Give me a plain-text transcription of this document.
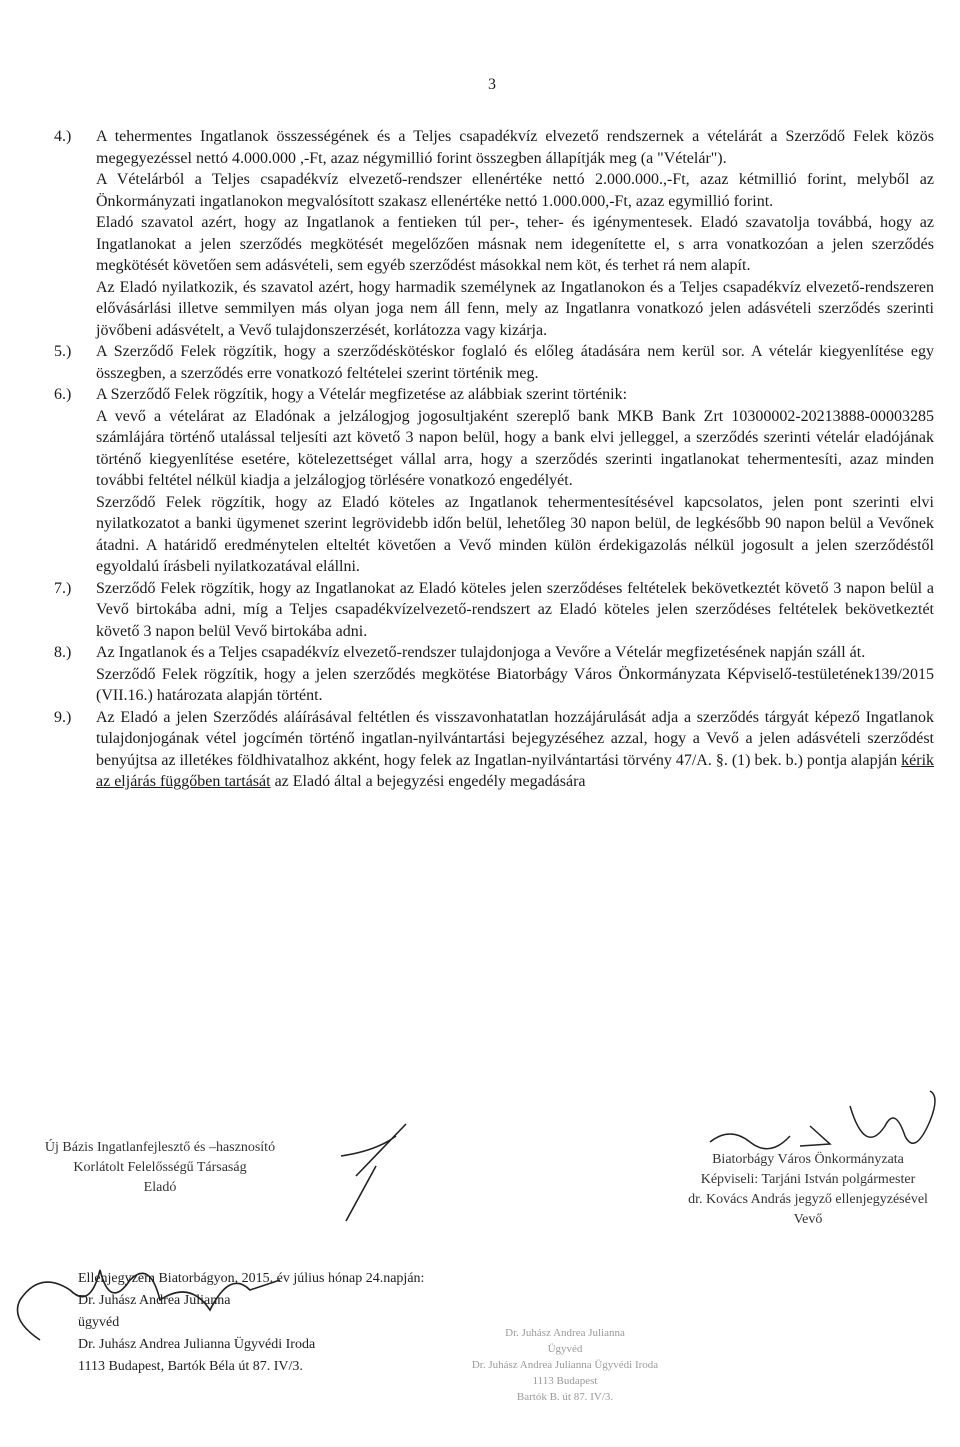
3
4.)	A tehermentes Ingatlanok összességének és a Teljes csapadékvíz elvezető rendszernek a vételárát a Szerződő Felek közös megegyezéssel nettó 4.000.000 ,-Ft, azaz négymillió forint összegben állapítják meg (a "Vételár").

A Vételárból a Teljes csapadékvíz elvezető-rendszer ellenértéke nettó 2.000.000.,-Ft, azaz kétmillió forint, melyből az Önkormányzati ingatlanokon megvalósított szakasz ellenértéke nettó 1.000.000,-Ft, azaz egymillió forint.

Eladó szavatol azért, hogy az Ingatlanok a fentieken túl per-, teher- és igénymentesek. Eladó szavatolja továbbá, hogy az Ingatlanokat a jelen szerződés megkötését megelőzően másnak nem idegenítette el, s arra vonatkozóan a jelen szerződés megkötését követően sem adásvételi, sem egyéb szerződést másokkal nem köt, és terhet rá nem alapít.

Az Eladó nyilatkozik, és szavatol azért, hogy harmadik személynek az Ingatlanokon és a Teljes csapadékvíz elvezető-rendszeren elővásárlási illetve semmilyen más olyan joga nem áll fenn, mely az Ingatlanra vonatkozó jelen adásvételi szerződés szerinti jövőbeni adásvételt, a Vevő tulajdonszerzését, korlátozza vagy kizárja.

5.)	A Szerződő Felek rögzítik, hogy a szerződéskötéskor foglaló és előleg átadására nem kerül sor. A vételár kiegyenlítése egy összegben, a szerződés erre vonatkozó feltételei szerint történik meg.

6.)	A Szerződő Felek rögzítik, hogy a Vételár megfizetése az alábbiak szerint történik:

A vevő a vételárat az Eladónak a jelzálogjog jogosultjaként szereplő bank MKB Bank Zrt 10300002-20213888-00003285 számlájára történő utalással teljesíti azt követő 3 napon belül, hogy a bank elvi jelleggel, a szerződés szerinti vételár eladójának történő kiegyenlítése esetére, kötelezettséget vállal arra, hogy a szerződés szerinti ingatlanokat tehermentesíti, azaz minden további feltétel nélkül kiadja a jelzálogjog törlésére vonatkozó engedélyét.

Szerződő Felek rögzítik, hogy az Eladó köteles az Ingatlanok tehermentesítésével kapcsolatos, jelen pont szerinti elvi nyilatkozatot a banki ügymenet szerint legrövidebb időn belül, lehetőleg 30 napon belül, de legkésőbb 90 napon belül a Vevőnek átadni. A határidő eredménytelen elteltét követően a Vevő minden külön érdekigazolás nélkül jogosult a jelen szerződéstől egyoldalú írásbeli nyilatkozatával elállni.

7.)	Szerződő Felek rögzítik, hogy az Ingatlanokat az Eladó köteles jelen szerződéses feltételek bekövetkeztét követő 3 napon belül a Vevő birtokába adni, míg a Teljes csapadékvízelvezető-rendszert az Eladó köteles jelen szerződéses feltételek bekövetkeztét követő 3 napon belül Vevő birtokába adni.

8.)	Az Ingatlanok és a Teljes csapadékvíz elvezető-rendszer tulajdonjoga a Vevőre a Vételár megfizetésének napján száll át.

Szerződő Felek rögzítik, hogy a jelen szerződés megkötése Biatorbágy Város Önkormányzata Képviselő-testületének139/2015 (VII.16.) határozata alapján történt.

9.)	Az Eladó a jelen Szerződés aláírásával feltétlen és visszavonhatatlan hozzájárulását adja a szerződés tárgyát képező Ingatlanok tulajdonjogának vétel jogcímén történő ingatlan-nyilvántartási bejegyzéséhez azzal, hogy a Vevő a jelen adásvételi szerződést benyújtsa az illetékes földhivatalhoz akként, hogy felek az Ingatlan-nyilvántartási törvény 47/A. §. (1) bek. b.) pontja alapján kérik az eljárás függőben tartását az Eladó által a bejegyzési engedély megadására

Új Bázis Ingatlanfejlesztő és –hasznosító
Korlátolt Felelősségű Társaság
Eladó
Biatorbágy Város Önkormányzata
Képviseli: Tarjáni István polgármester
dr. Kovács András jegyző ellenjegyzésével
Vevő
Ellenjegyzem Biatorbágyon, 2015. év július hónap 24.napján:
Dr. Juhász Andrea Julianna
ügyvéd
Dr. Juhász Andrea Julianna Ügyvédi Iroda
1113 Budapest, Bartók Béla út 87. IV/3.
Dr. Juhász Andrea Julianna
Ügyvéd
Dr. Juhász Andrea Julianna Ügyvédi Iroda
1113 Budapest
Bartók B. út 87. IV/3.
